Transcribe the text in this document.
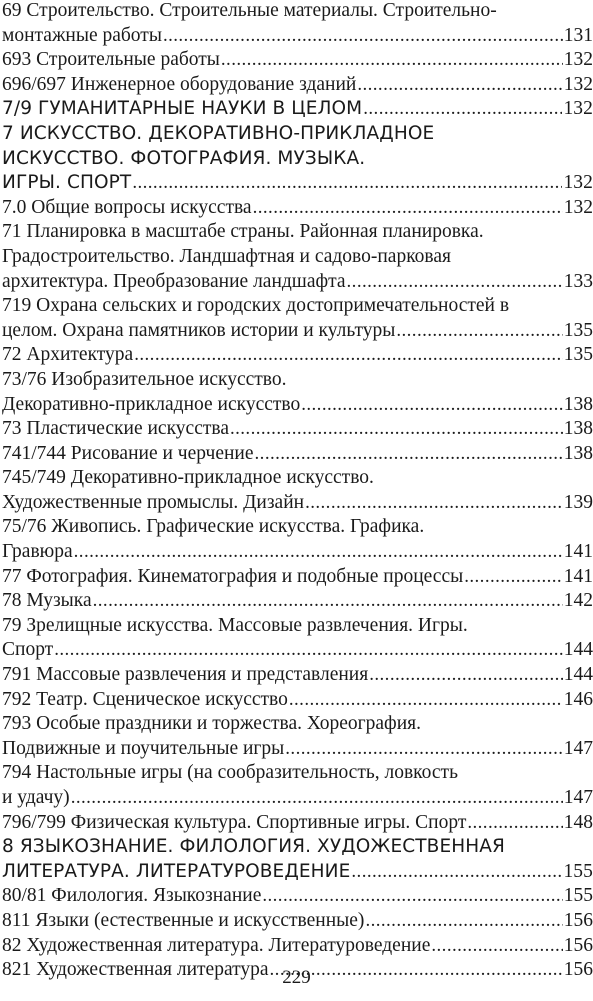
69 Строительство. Строительные материалы. Строительно-
монтажные работы .....	131
693 Строительные работы .....	132
696/697 Инженерное оборудование зданий .....	132
7/9 ГУМАНИТАРНЫЕ НАУКИ В ЦЕЛОМ .....	132
7 ИСКУССТВО. ДЕКОРАТИВНО-ПРИКЛАДНОЕ
ИСКУССТВО. ФОТОГРАФИЯ. МУЗЫКА.
ИГРЫ. СПОРТ .....	132
7.0 Общие вопросы искусства .....	132
71 Планировка в масштабе страны. Районная планировка.
Градостроительство. Ландшафтная и садово-парковая
архитектура. Преобразование ландшафта .....	133
719 Охрана сельских и городских достопримечательностей в
целом. Охрана памятников истории и культуры .....	135
72 Архитектура .....	135
73/76 Изобразительное искусство.
Декоративно-прикладное искусство .....	138
73 Пластические искусства .....	138
741/744 Рисование и черчение .....	138
745/749 Декоративно-прикладное искусство.
Художественные промыслы. Дизайн .....	139
75/76 Живопись. Графические искусства. Графика.
Гравюра .....	141
77 Фотография. Кинематография и подобные процессы .....	141
78 Музыка .....	142
79 Зрелищные искусства. Массовые развлечения. Игры.
Спорт .....	144
791 Массовые развлечения и представления .....	144
792 Театр. Сценическое искусство .....	146
793 Особые праздники и торжества. Хореография.
Подвижные и поучительные игры .....	147
794 Настольные игры (на сообразительность, ловкость
и удачу) .....	147
796/799 Физическая культура. Спортивные игры. Спорт .....	148
8 ЯЗЫКОЗНАНИЕ. ФИЛОЛОГИЯ. ХУДОЖЕСТВЕННАЯ
ЛИТЕРАТУРА. ЛИТЕРАТУРОВЕДЕНИЕ .....	155
80/81 Филология. Языкознание .....	155
811 Языки (естественные и искусственные) .....	156
82 Художественная литература. Литературоведение .....	156
821 Художественная литература .....	156
229
